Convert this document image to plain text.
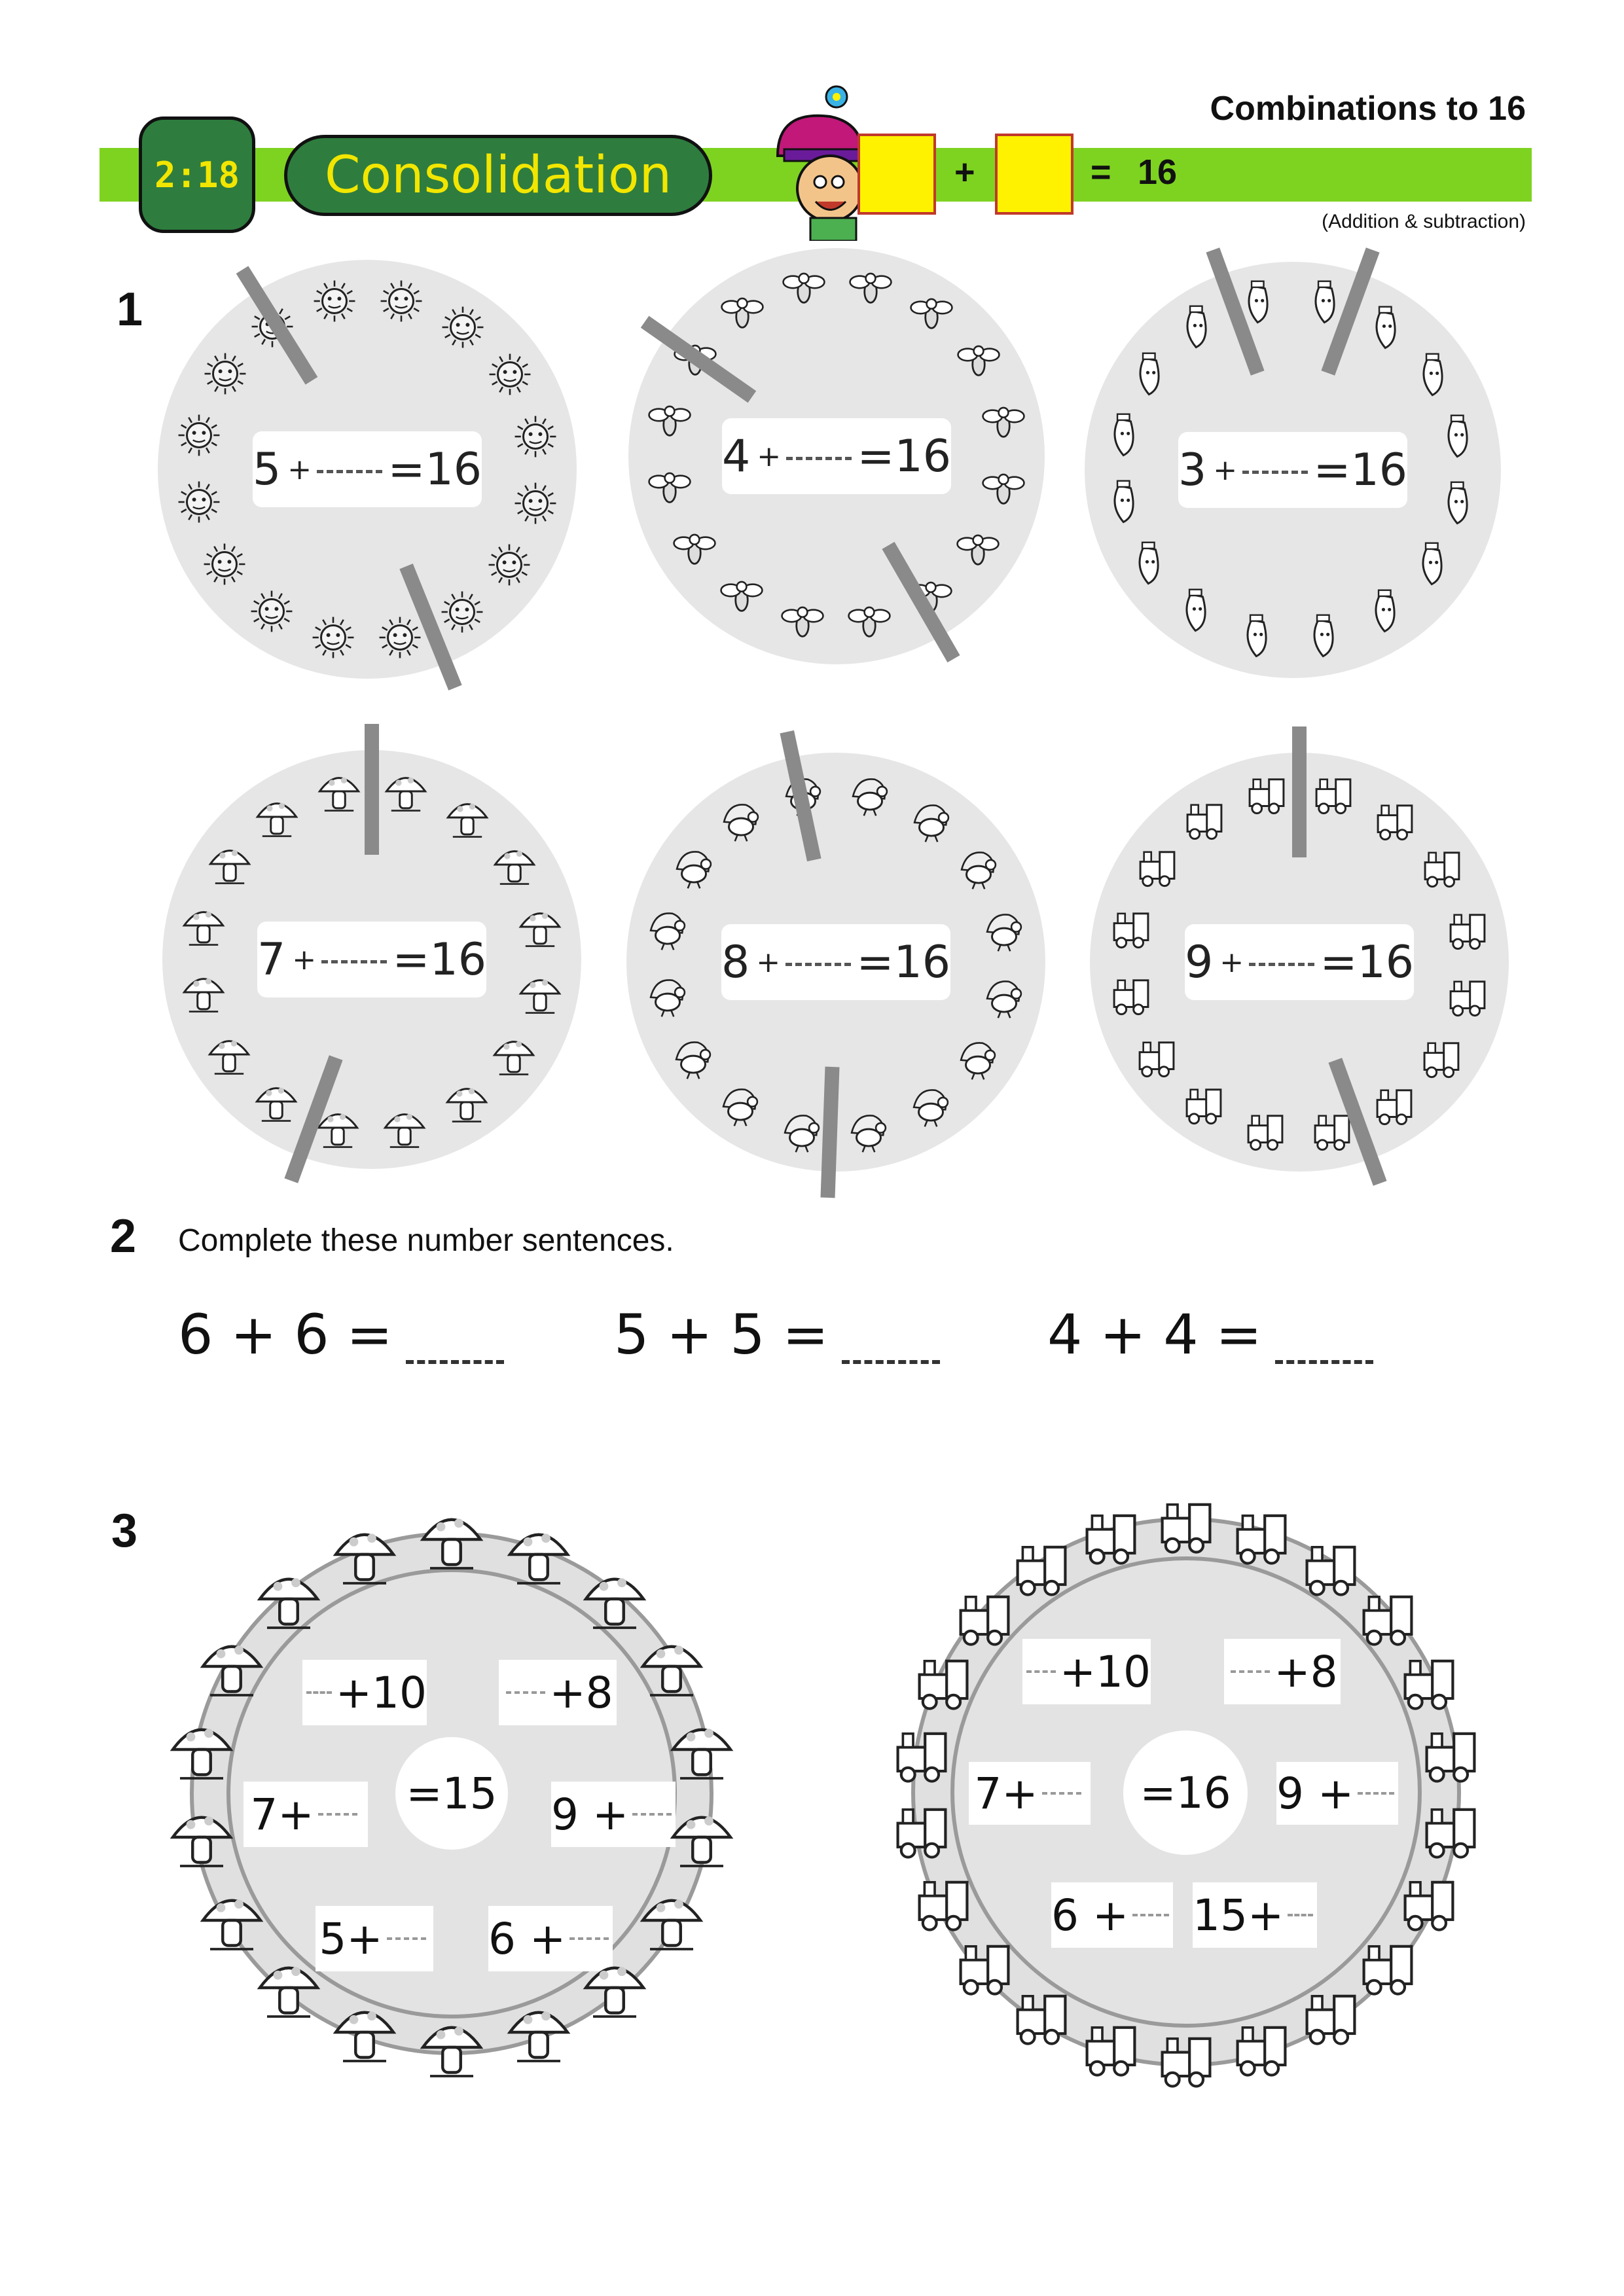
2:18 Consolidation
Combinations to 16
(Addition & subtraction)
+	= 16
1
5 + =16	4 + =16	3 + =16
7 + =16	8 + =16	9 + =16
2 Complete these number sentences.
6 + 6 =	5 + 5 =	4 + 4 =
3
=15
+10	+8
7+	9 +
5+ 6 +
=16
+10	+8
7+	9 +
6 + 15+
